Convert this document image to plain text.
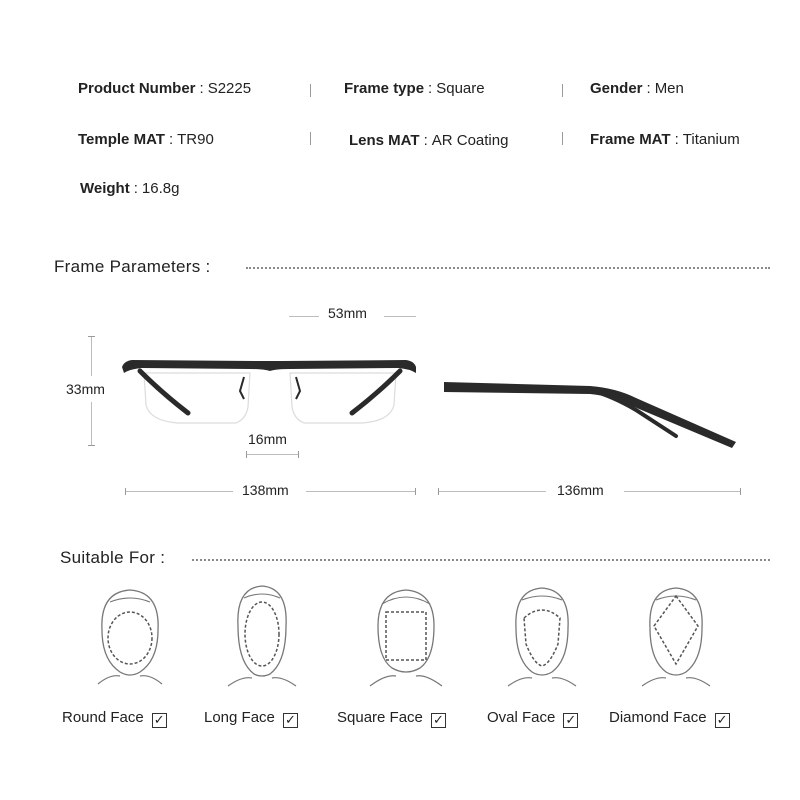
Product Number : S2225	Frame type : Square	Gender : Men
Temple MAT : TR90	Lens MAT : AR Coating	Frame MAT : Titanium
Weight : 16.8g
Frame Parameters :
53mm
33mm
16mm
138mm	136mm
Suitable For :
Round Face ✓	Long Face ✓	Square Face ✓	Oval Face ✓ Diamond Face ✓
